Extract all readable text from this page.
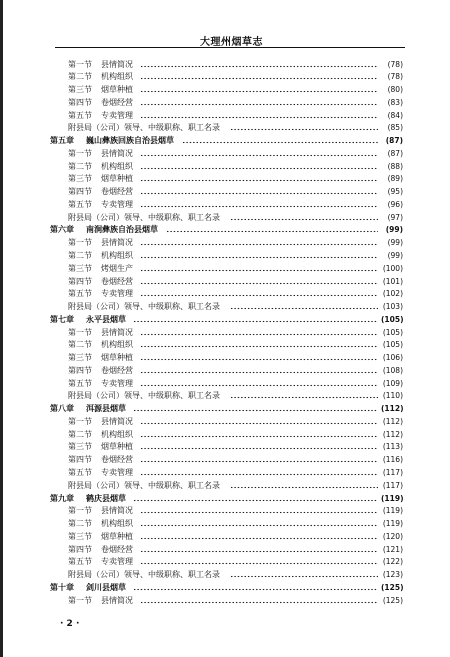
大理州烟草志
第一节 县情简况	(78)
第二节 机构组织	(78)
第三节 烟草种植	(80)
第四节 卷烟经营	(83)
第五节 专卖管理	(84)
附县局（公司）领导、中级职称、职工名录	(85)
第五章 巍山彝族回族自治县烟草	(87)
第一节 县情简况	(87)
第二节 机构组织	(88)
第三节 烟草种植	(89)
第四节 卷烟经营	(95)
第五节 专卖管理	(96)
附县局（公司）领导、中级职称、职工名录	(97)
第六章 南涧彝族自治县烟草	(99)
第一节 县情简况	(99)
第二节 机构组织	(99)
第三节 烤烟生产	(100)
第四节 卷烟经营	(101)
第五节 专卖管理	(102)
附县局（公司）领导、中级职称、职工名录	(103)
第七章 永平县烟草	(105)
第一节 县情简况	(105)
第二节 机构组织	(105)
第三节 烟草种植	(106)
第四节 卷烟经营	(108)
第五节 专卖管理	(109)
附县局（公司）领导、中级职称、职工名录	(110)
第八章 洱源县烟草	(112)
第一节 县情简况	(112)
第二节 机构组织	(112)
第三节 烟草种植	(113)
第四节 卷烟经营	(116)
第五节 专卖管理	(117)
附县局（公司）领导、中级职称、职工名录	(117)
第九章 鹤庆县烟草	(119)
第一节 县情简况	(119)
第二节 机构组织	(119)
第三节 烟草种植	(120)
第四节 卷烟经营	(121)
第五节 专卖管理	(122)
附县局（公司）领导、中级职称、职工名录	(123)
第十章 剑川县烟草	(125)
第一节 县情简况	(125)
· 2 ·
